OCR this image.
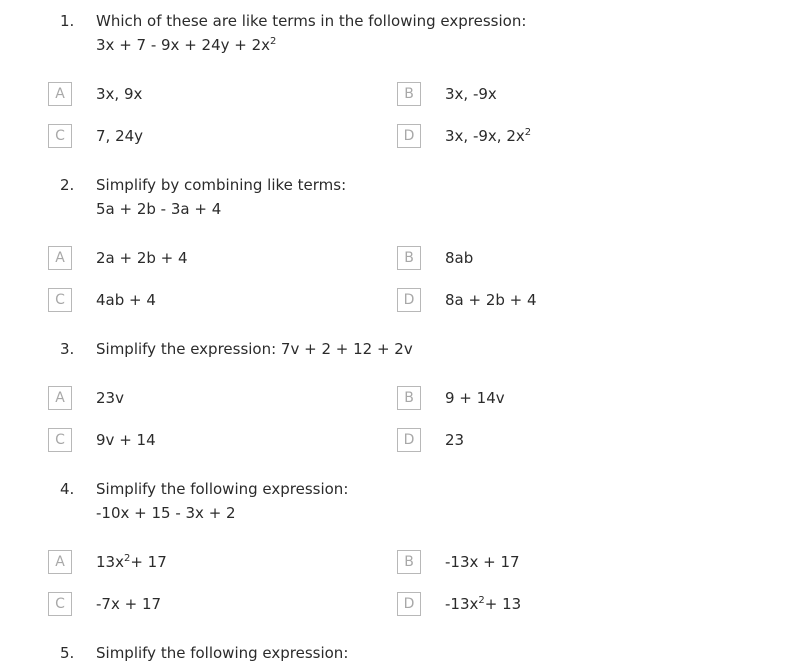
1. Which of these are like terms in the following expression:
$3x + 7 - 9x + 24y + 2x^2$
A	3x, 9x	B	3x, -9x
C	7, 24y	D	3x, -9x, $2x^2$
2. Simplify by combining like terms:
5a + 2b - 3a + 4
A	2a + 2b + 4	B	8ab
C	4ab + 4	D	8a + 2b + 4
3. Simplify the expression: 7v + 2 + 12 + 2v
A	23v	B	9 + 14v
C	9v + 14	D	23
4. Simplify the following expression:
-10x + 15 - 3x + 2
A	$13x^2+ 17$	B	-13x + 17
C	-7x + 17	D	$-13x^2+ 13$
5. Simplify the following expression:
